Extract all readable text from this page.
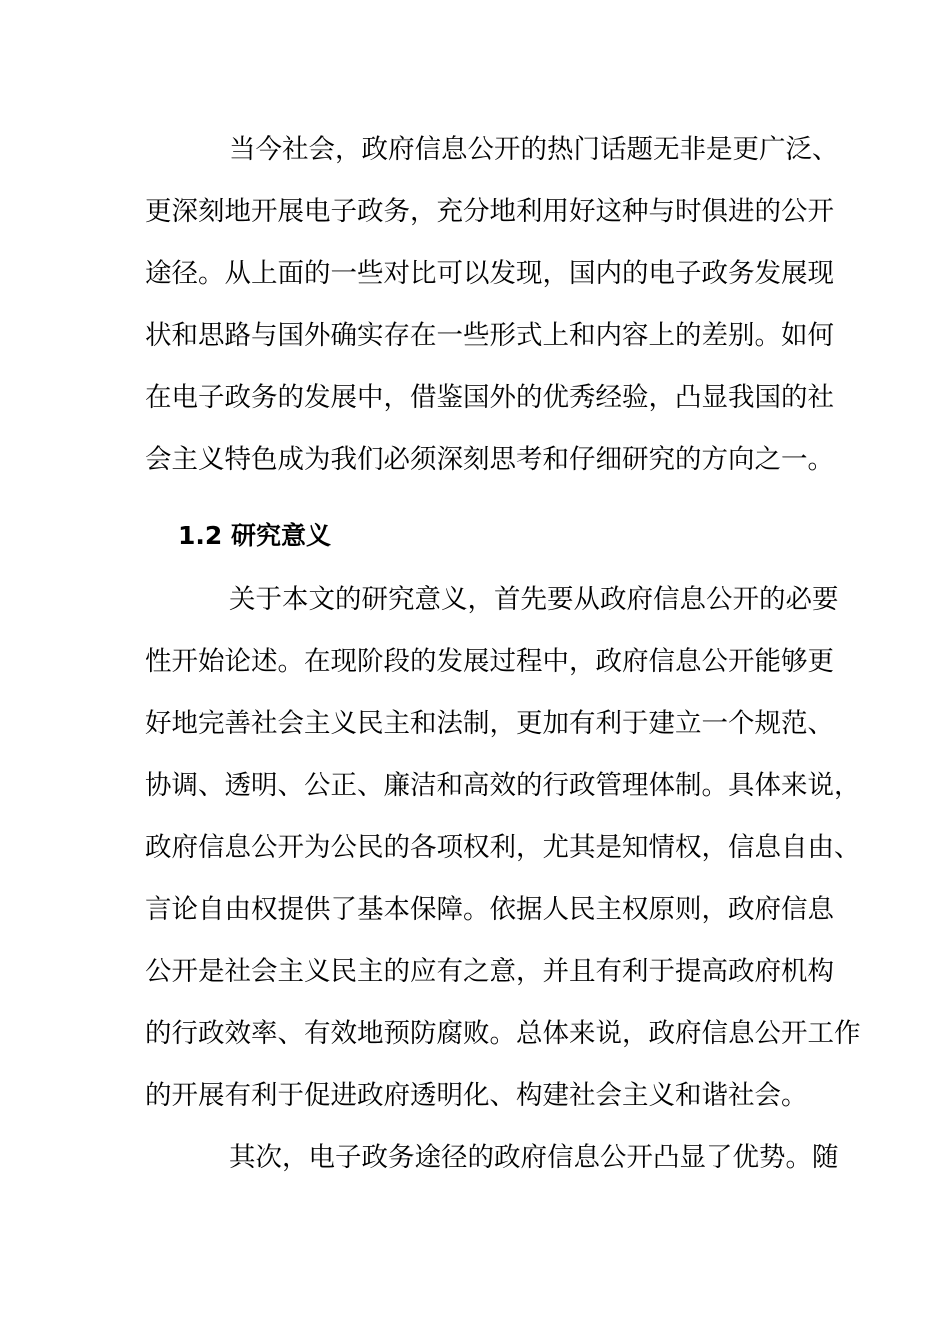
当今社会，政府信息公开的热门话题无非是更广泛、
更深刻地开展电子政务，充分地利用好这种与时俱进的公开
途径。从上面的一些对比可以发现，国内的电子政务发展现
状和思路与国外确实存在一些形式上和内容上的差别。如何
在电子政务的发展中，借鉴国外的优秀经验，凸显我国的社
会主义特色成为我们必须深刻思考和仔细研究的方向之一。
1.2 研究意义
关于本文的研究意义，首先要从政府信息公开的必要
性开始论述。在现阶段的发展过程中，政府信息公开能够更
好地完善社会主义民主和法制，更加有利于建立一个规范、
协调、透明、公正、廉洁和高效的行政管理体制。具体来说，
政府信息公开为公民的各项权利，尤其是知情权，信息自由、
言论自由权提供了基本保障。依据人民主权原则，政府信息
公开是社会主义民主的应有之意，并且有利于提高政府机构
的行政效率、有效地预防腐败。总体来说，政府信息公开工作
的开展有利于促进政府透明化、构建社会主义和谐社会。
其次，电子政务途径的政府信息公开凸显了优势。随
